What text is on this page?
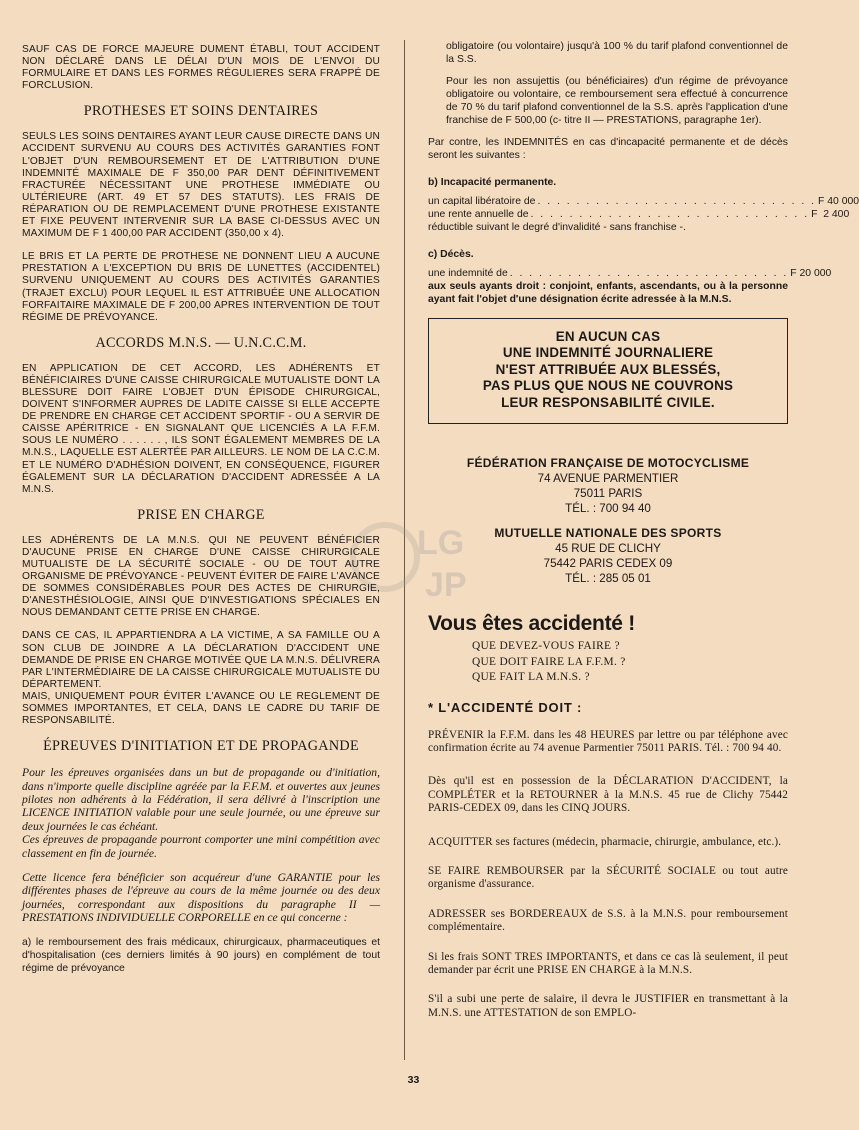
LG
JP

SAUF CAS DE FORCE MAJEURE DUMENT ÉTABLI, TOUT ACCIDENT NON DÉCLARÉ DANS LE DÉLAI D'UN MOIS DE L'ENVOI DU FORMULAIRE ET DANS LES FORMES RÉGULIERES SERA FRAPPÉ DE FORCLUSION.

PROTHESES ET SOINS DENTAIRES

SEULS LES SOINS DENTAIRES AYANT LEUR CAUSE DIRECTE DANS UN ACCIDENT SURVENU AU COURS DES ACTIVITÉS GARANTIES FONT L'OBJET D'UN REMBOURSEMENT ET DE L'ATTRIBUTION D'UNE INDEMNITÉ MAXIMALE DE F 350,00 PAR DENT DÉFINITIVEMENT FRACTURÉE NÉCESSITANT UNE PROTHESE IMMÉDIATE OU ULTÉRIEURE (ART. 49 ET 57 DES STATUTS). LES FRAIS DE RÉPARATION OU DE REMPLACEMENT D'UNE PROTHESE EXISTANTE ET FIXE PEUVENT INTERVENIR SUR LA BASE CI-DESSUS AVEC UN MAXIMUM DE F 1 400,00 PAR ACCIDENT (350,00 x 4).

LE BRIS ET LA PERTE DE PROTHESE NE DONNENT LIEU A AUCUNE PRESTATION A L'EXCEPTION DU BRIS DE LUNETTES (ACCIDENTEL) SURVENU UNIQUEMENT AU COURS DES ACTIVITÉS GARANTIES (TRAJET EXCLU) POUR LEQUEL IL EST ATTRIBUÉE UNE ALLOCATION FORFAITAIRE MAXIMALE DE F 200,00 APRES INTERVENTION DE TOUT RÉGIME DE PRÉVOYANCE.

ACCORDS M.N.S. — U.N.C.C.M.

EN APPLICATION DE CET ACCORD, LES ADHÉRENTS ET BÉNÉFICIAIRES D'UNE CAISSE CHIRURGICALE MUTUALISTE DONT LA BLESSURE DOIT FAIRE L'OBJET D'UN ÉPISODE CHIRURGICAL, DOIVENT S'INFORMER AUPRES DE LADITE CAISSE SI ELLE ACCEPTE DE PRENDRE EN CHARGE CET ACCIDENT SPORTIF - OU A SERVIR DE CAISSE APÉRITRICE - EN SIGNALANT QUE LICENCIÉS A LA F.F.M. SOUS LE NUMÉRO . . . . . . , ILS SONT ÉGALEMENT MEMBRES DE LA M.N.S., LAQUELLE EST ALERTÉE PAR AILLEURS. LE NOM DE LA C.C.M. ET LE NUMÉRO D'ADHÉSION DOIVENT, EN CONSÉQUENCE, FIGURER ÉGALEMENT SUR LA DÉCLARATION D'ACCIDENT ADRESSÉE A LA M.N.S.

PRISE EN CHARGE

LES ADHÉRENTS DE LA M.N.S. QUI NE PEUVENT BÉNÉFICIER D'AUCUNE PRISE EN CHARGE D'UNE CAISSE CHIRURGICALE MUTUALISTE DE LA SÉCURITÉ SOCIALE - OU DE TOUT AUTRE ORGANISME DE PRÉVOYANCE - PEUVENT ÉVITER DE FAIRE L'AVANCE DE SOMMES CONSIDÉRABLES POUR DES ACTES DE CHIRURGIE, D'ANESTHÉSIOLOGIE, AINSI QUE D'INVESTIGATIONS SPÉCIALES EN NOUS DEMANDANT CETTE PRISE EN CHARGE.

DANS CE CAS, IL APPARTIENDRA A LA VICTIME, A SA FAMILLE OU A SON CLUB DE JOINDRE A LA DÉCLARATION D'ACCIDENT UNE DEMANDE DE PRISE EN CHARGE MOTIVÉE QUE LA M.N.S. DÉLIVRERA PAR L'INTERMÉDIAIRE DE LA CAISSE CHIRURGICALE MUTUALISTE DU DÉPARTEMENT.

MAIS, UNIQUEMENT POUR ÉVITER L'AVANCE OU LE REGLEMENT DE SOMMES IMPORTANTES, ET CELA, DANS LE CADRE DU TARIF DE RESPONSABILITÉ.

ÉPREUVES D'INITIATION ET DE PROPAGANDE
Pour les épreuves organisées dans un but de propagande ou d'initiation, dans n'importe quelle discipline agréée par la F.F.M. et ouvertes aux jeunes pilotes non adhérents à la Fédération, il sera délivré à l'inscription une LICENCE INITIATION valable pour une seule journée, ou une épreuve sur deux journées le cas échéant.
Ces épreuves de propagande pourront comporter une mini compétition avec classement en fin de journée.
Cette licence fera bénéficier son acquéreur d'une GARANTIE pour les différentes phases de l'épreuve au cours de la même journée ou des deux journées, correspondant aux dispositions du paragraphe II — PRESTATIONS INDIVIDUELLE CORPORELLE en ce qui concerne :

a) le remboursement des frais médicaux, chirurgicaux, pharmaceutiques et d'hospitalisation (ces derniers limités à 90 jours) en complément de tout régime de prévoyance

obligatoire (ou volontaire) jusqu'à 100 % du tarif plafond conventionnel de la S.S.

Pour les non assujettis (ou bénéficiaires) d'un régime de prévoyance obligatoire ou volontaire, ce remboursement sera effectué à concurrence de 70 % du tarif plafond conventionnel de la S.S. après l'application d'une franchise de F 500,00 (c- titre II — PRESTATIONS, paragraphe 1er).

Par contre, les INDEMNITÉS en cas d'incapacité permanente et de décès seront les suivantes :

b) Incapacité permanente.

un capital libératoire de . . . . . . . . . . . . . . . . . . . . . . . . . . . . . F 40 000
une rente annuelle de . . . . . . . . . . . . . . . . . . . . . . . . . . . . . F  2 400

réductible suivant le degré d'invalidité - sans franchise -.

c) Décès.

une indemnité de . . . . . . . . . . . . . . . . . . . . . . . . . . . . . F 20 000

aux seuls ayants droit : conjoint, enfants, ascendants, ou à la personne ayant fait l'objet d'une désignation écrite adressée à la M.N.S.

EN AUCUN CAS
UNE INDEMNITÉ JOURNALIERE
N'EST ATTRIBUÉE AUX BLESSÉS,
PAS PLUS QUE NOUS NE COUVRONS
LEUR RESPONSABILITÉ CIVILE.
FÉDÉRATION FRANÇAISE DE MOTOCYCLISME
74 AVENUE PARMENTIER
75011 PARIS
TÉL. : 700 94 40
MUTUELLE NATIONALE DES SPORTS
45 RUE DE CLICHY
75442 PARIS CEDEX 09
TÉL. : 285 05 01
Vous êtes accidenté !
QUE DEVEZ-VOUS FAIRE ?
QUE DOIT FAIRE LA F.F.M. ?
QUE FAIT LA M.N.S. ?
* L'ACCIDENTÉ DOIT :

PRÉVENIR la F.F.M. dans les 48 HEURES par lettre ou par téléphone avec confirmation écrite au 74 avenue Parmentier 75011 PARIS. Tél. : 700 94 40.

Dès qu'il est en possession de la DÉCLARATION D'ACCIDENT, la COMPLÉTER et la RETOURNER à la M.N.S. 45 rue de Clichy 75442 PARIS-CEDEX 09, dans les CINQ JOURS.

ACQUITTER ses factures (médecin, pharmacie, chirurgie, ambulance, etc.).

SE FAIRE REMBOURSER par la SÉCURITÉ SOCIALE ou tout autre organisme d'assurance.

ADRESSER ses BORDEREAUX de S.S. à la M.N.S. pour remboursement complémentaire.

Si les frais SONT TRES IMPORTANTS, et dans ce cas là seulement, il peut demander par écrit une PRISE EN CHARGE à la M.N.S.

S'il a subi une perte de salaire, il devra le JUSTIFIER en transmettant à la M.N.S. une ATTESTATION de son EMPLO-

33
